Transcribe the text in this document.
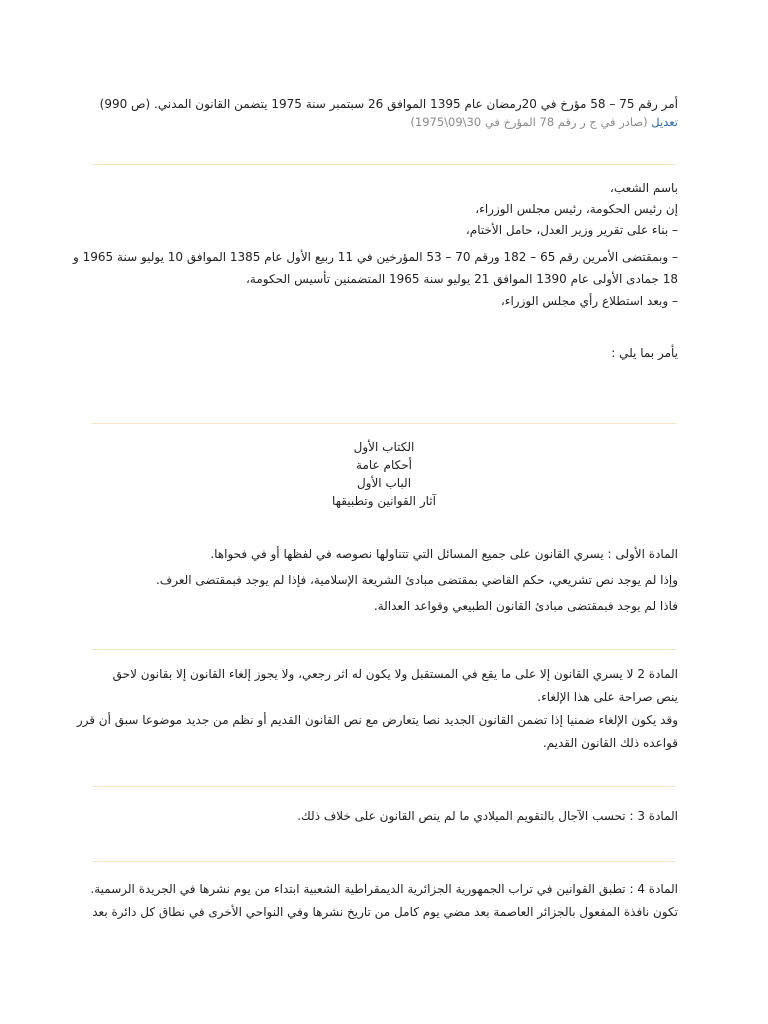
أمر رقم 75 – 58 مؤرخ في 20رمضان عام 1395 الموافق 26 سبتمبر سنة 1975 يتضمن القانون المدني. (ص 990)
تعديل (صادر في ج ر رقم 78 المؤرخ في 30\09\1975)

باسم الشعب،

إن رئيس الحكومة، رئيس مجلس الوزراء،

– بناء على تقرير وزير العدل، حامل الأختام،

– وبمقتضى الأمرين رقم 65 – 182 ورقم 70 – 53 المؤرخين في 11 ربيع الأول عام 1385 الموافق 10 يوليو سنة 1965 و

18 جمادى الأولى عام 1390 الموافق 21 يوليو سنة 1965 المتضمنين تأسيس الحكومة،

– وبعد استطلاع رأي مجلس الوزراء،

يأمر بما يلي :

الكتاب الأول
أحكام عامة
الباب الأول
آثار القوانين وتطبيقها

المادة الأولى : يسري القانون على جميع المسائل التي تتناولها نصوصه في لفظها أو في فحواها.

وإذا لم يوجد نص تشريعي، حكم القاضي بمقتضى مبادئ الشريعة الإسلامية، فإذا لم يوجد فبمقتضى العرف.

فاذا لم يوجد فبمقتضى مبادئ القانون الطبيعي وقواعد العدالة.

المادة 2 لا يسري القانون إلا على ما يقع في المستقبل ولا يكون له اثر رجعي، ولا يجوز إلغاء القانون إلا بقانون لاحق

ينص صراحة على هذا الإلغاء.

وقد يكون الإلغاء ضمنيا إذا تضمن القانون الجديد نصا يتعارض مع نص القانون القديم أو نظم من جديد موضوعا سبق أن قرر

قواعده ذلك القانون القديم.

المادة 3 : تحسب الآجال بالتقويم الميلادي ما لم ينص القانون على خلاف ذلك.

المادة 4 : تطبق القوانين في تراب الجمهورية الجزائرية الديمقراطية الشعبية ابتداء من يوم نشرها في الجريدة الرسمية.

تكون نافذة المفعول بالجزائر العاصمة بعد مضي يوم كامل من تاريخ نشرها وفي النواحي الأخرى في نطاق كل دائرة بعد
